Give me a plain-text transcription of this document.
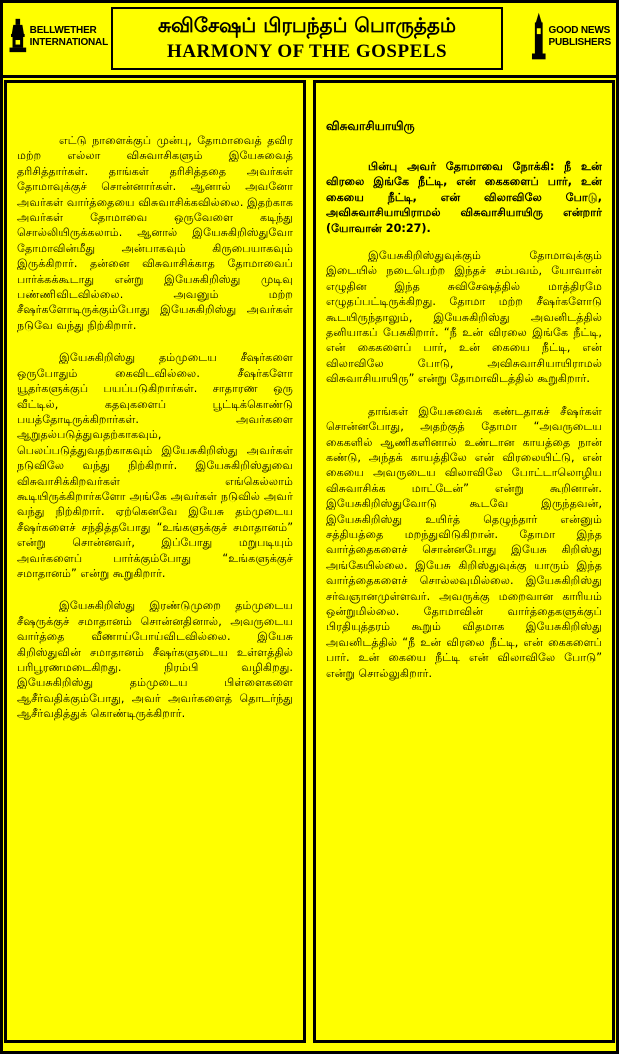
BELLWETHER
INTERNATIONAL
சுவிசேஷப் பிரபந்தப் பொருத்தம்
HARMONY OF THE GOSPELS
GOOD NEWS
PUBLISHERS

எட்டு நாளைக்குப் முன்பு, தோமாவைத் தவிர மற்ற எல்லா விசுவாசிகளும் இயேசுவைத் தரிசித்தார்கள். தாங்கள் தரிசித்ததை அவர்கள் தோமாவுக்குச் சொன்னார்கள். ஆனால் அவனோ அவர்கள் வார்த்தையை விசுவாசிக்கவில்லை. இதற்காக அவர்கள் தோமாவை ஒருவேளை கடிந்து சொல்லியிருக்கலாம். ஆனால் இயேசுகிறிஸ்துவோ தோமாவின்மீது அன்பாகவும் கிருபையாகவும் இருக்கிறார். தன்னை விசுவாசிக்காத தோமாவைப் பார்க்கக்கூடாது என்று இயேசுகிறிஸ்து முடிவு பண்ணிவிடவில்லை. அவனும் மற்ற சீஷர்களோடிருக்கும்போது இயேசுகிறிஸ்து அவர்கள் நடுவே வந்து நிற்கிறார்.

இயேசுகிறிஸ்து தம்முடைய சீஷர்களை ஒருபோதும் கைவிடவில்லை. சீஷர்களோ யூதர்களுக்குப் பயப்படுகிறார்கள். சாதாரண ஒரு வீட்டில், கதவுகளைப் பூட்டிக்கொண்டு பயத்தோடிருக்கிறார்கள். அவர்களை ஆறுதல்படுத்துவதற்காகவும், பெலப்படுத்துவதற்காகவும் இயேசுகிறிஸ்து அவர்கள் நடுவிலே வந்து நிற்கிறார். இயேசுகிறிஸ்துவை விசுவாசிக்கிறவர்கள் எங்கெல்லாம் கூடியிருக்கிறார்களோ அங்கே அவர்கள் நடுவில் அவர் வந்து நிற்கிறார். ஏற்கெனவே இயேசு தம்முடைய சீஷர்களைச் சந்தித்தபோது “உங்களுக்குச் சமாதானம்” என்று சொன்னவர், இப்போது மறுபடியும் அவர்களைப் பார்க்கும்போது “உங்களுக்குச் சமாதானம்” என்று கூறுகிறார்.

இயேசுகிறிஸ்து இரண்டுமுறை தம்முடைய சீஷருக்குச் சமாதானம் சொன்னதினால், அவருடைய வார்த்தை வீணாய்போய்விடவில்லை. இயேசு கிறிஸ்துவின் சமாதானம் சீஷர்களுடைய உள்ளத்தில் பரிபூரணமடைகிறது. நிரம்பி வழிகிறது. இயேசுகிறிஸ்து தம்முடைய பிள்ளைகளை ஆசீர்வதிக்கும்போது, அவர் அவர்களைத் தொடர்ந்து ஆசீர்வதித்துக் கொண்டிருக்கிறார்.

விசுவாசியாயிரு

பின்பு அவர் தோமாவை நோக்கி: நீ உன் விரலை இங்கே நீட்டி, என் கைகளைப் பார், உன் கையை நீட்டி, என் விலாவிலே போடு, அவிசுவாசியாயிராமல் விசுவாசியாயிரு என்றார் (யோவான் 20:27).

இயேசுகிறிஸ்துவுக்கும் தோமாவுக்கும் இடையில் நடைபெற்ற இந்தச் சம்பவம், யோவான் எழுதின இந்த சுவிசேஷத்தில் மாத்திரமே எழுதப்பட்டிருக்கிறது. தோமா மற்ற சீஷர்களோடு கூடயிருந்தாலும், இயேசுகிறிஸ்து அவனிடத்தில் தனியாகப் பேசுகிறார். “நீ உன் விரலை இங்கே நீட்டி, என் கைகளைப் பார், உன் கையை நீட்டி, என் விலாவிலே போடு, அவிசுவாசியாயிராமல் விசுவாசியாயிரு” என்று தோமாவிடத்தில் கூறுகிறார்.

தாங்கள் இயேசுவைக் கண்டதாகச் சீஷர்கள் சொன்னபோது, அதற்குத் தோமா “அவருடைய கைகளில் ஆணிகளினால் உண்டான காயத்தை நான் கண்டு, அந்தக் காயத்திலே என் விரலையிட்டு, என் கையை அவருடைய விலாவிலே போட்டாலொழிய விசுவாசிக்க மாட்டேன்” என்று கூறினான். இயேசுகிறிஸ்துவோடு கூடவே இருந்தவன், இயேசுகிறிஸ்து உயிர்த் தெழுந்தார் என்னும் சத்தியத்தை மறந்துவிடுகிறான். தோமா இந்த வார்த்தைகளைச் சொன்னபோது இயேசு கிறிஸ்து அங்கேயில்லை. இயேசு கிறிஸ்துவுக்கு யாரும் இந்த வார்த்தைகளைச் சொல்லவுமில்லை. இயேசுகிறிஸ்து சர்வஞானமுள்ளவர். அவருக்கு மறைவான காரியம் ஒன்றுமில்லை. தோமாவின் வார்த்தைகளுக்குப் பிரதியுத்தரம் கூறும் விதமாக இயேசுகிறிஸ்து அவனிடத்தில் “நீ உன் விரலை நீட்டி, என் கைகளைப் பார். உன் கையை நீட்டி என் விலாவிலே போடு” என்று சொல்லுகிறார்.
